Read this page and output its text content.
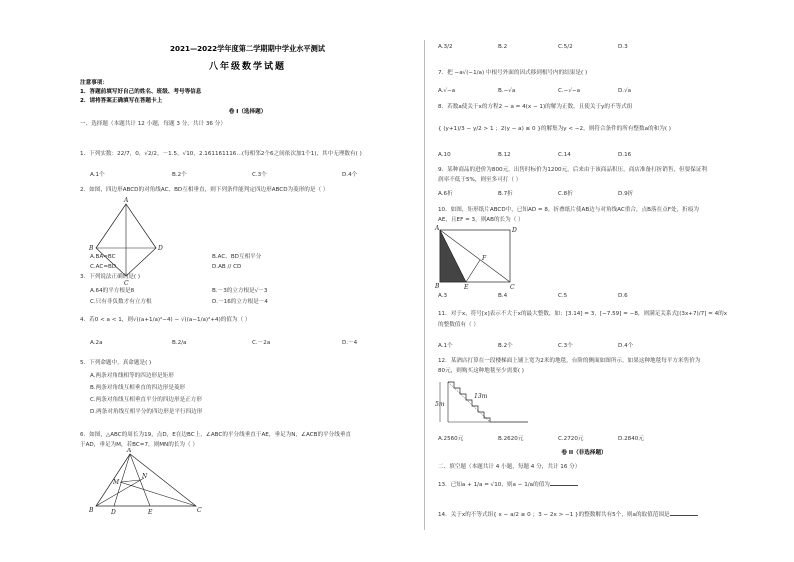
2021—2022学年度第二学期期中学业水平测试
八年级数学试题
注意事项：
1．答题前填写好自己的姓名、班级、考号等信息
2．请将答案正确填写在答题卡上
卷 I（选择题）
一、选择题（本题共计 12 小题，每题 3 分，共计 36 分）
1．下列实数：22/7，0，√2/2，－1.5，√10，2.161161116…(每相邻2个6之间依次加1个1)，其中无理数有( )
A.1个	B.2个	C.3个	D.4个
2．如图，四边形ABCD的对角线AC、BD互相垂直，则下列条件能判定四边形ABCD为菱形的是（ ）
A
B
C
D
A.BA=BC	B.AC、BD互相平分
C.AC=BD	D.AB // CD
3．下列说法正确的是( )
A.64的平方根是8	B.－3的立方根是√－3
C.只有非负数才有立方根	D.－16的立方根是－4
4．若0 < a < 1，则√((a+1/a)²−4) − √((a−1/a)²+4)的值为（ ）
A.2a	B.2/a	C.－2a	D.－4
5．下列命题中，真命题是( )
A.两条对角线相等的四边形是矩形
B.两条对角线互相垂直的四边形是菱形
C.两条对角线互相垂直平分的四边形是正方形
D.两条对角线互相平分的四边形是平行四边形
6．如图，△ABC的周长为19，点D，E在边BC上，∠ABC的平分线垂直于AE，垂足为N，∠ACB的平分线垂直
于AD，垂足为M，若BC=7，则MN的长为（ ）
A
M
N
B	D	E	C
A.3/2	B.2	C.5/2	D.3
7．把 −a√(−1/a) 中根号外面的因式移到根号内的结果是( )
A.√−a	B.−√a	C.−√−a	D.√a
8．若数a使关于x的方程2 − a = 4(x − 1)的解为正数，且使关于y的不等式组
{ (y+1)/3 − y/2 > 1 ；2(y − a) ≤ 0 }的解集为y < −2，则符合条件的所有整数a的和为( )
A.10	B.12	C.14	D.16
9．某种商品的进价为800元，出售时标价为1200元，后来由于该商品积压，商店准备打折销售，但要保证利
润率不低于5%，则至多可打（ ）
A.6折	B.7折	C.8折	D.9折
10．如图，矩形纸片ABCD中，已知AD = 8，折叠纸片使AB边与对角线AC重合，点B落在点F处，折痕为
AE，且EF = 3，则AB的长为（ ）
A	D
F
B	E	C
A.3	B.4	C.5	D.6
11．对于x，符号[x]表示不大于x的最大整数，如：[3.14] = 3，[−7.59] = −8，则满足关系式[(3x+7)/7] = 4的x
的整数值有（ ）
A.1个	B.2个	C.3个	D.4个
12．某酒店打算在一段楼梯面上铺上宽为2米的地毯，台阶的侧面如图所示，如果这种地毯每平方米售价为
80元，则购买这种地毯至少需要( )
13m
5m
A.2560元	B.2620元	C.2720元	D.2840元
卷 II（非选择题）
二、填空题（本题共计 4 小题，每题 4 分，共计 16 分）
13．已知a + 1/a = √10，则a − 1/a的值为
14．关于x的不等式组{ x − a/2 ≥ 0 ；3 − 2x > −1 }的整数解共有5个，则a的取值范围是
